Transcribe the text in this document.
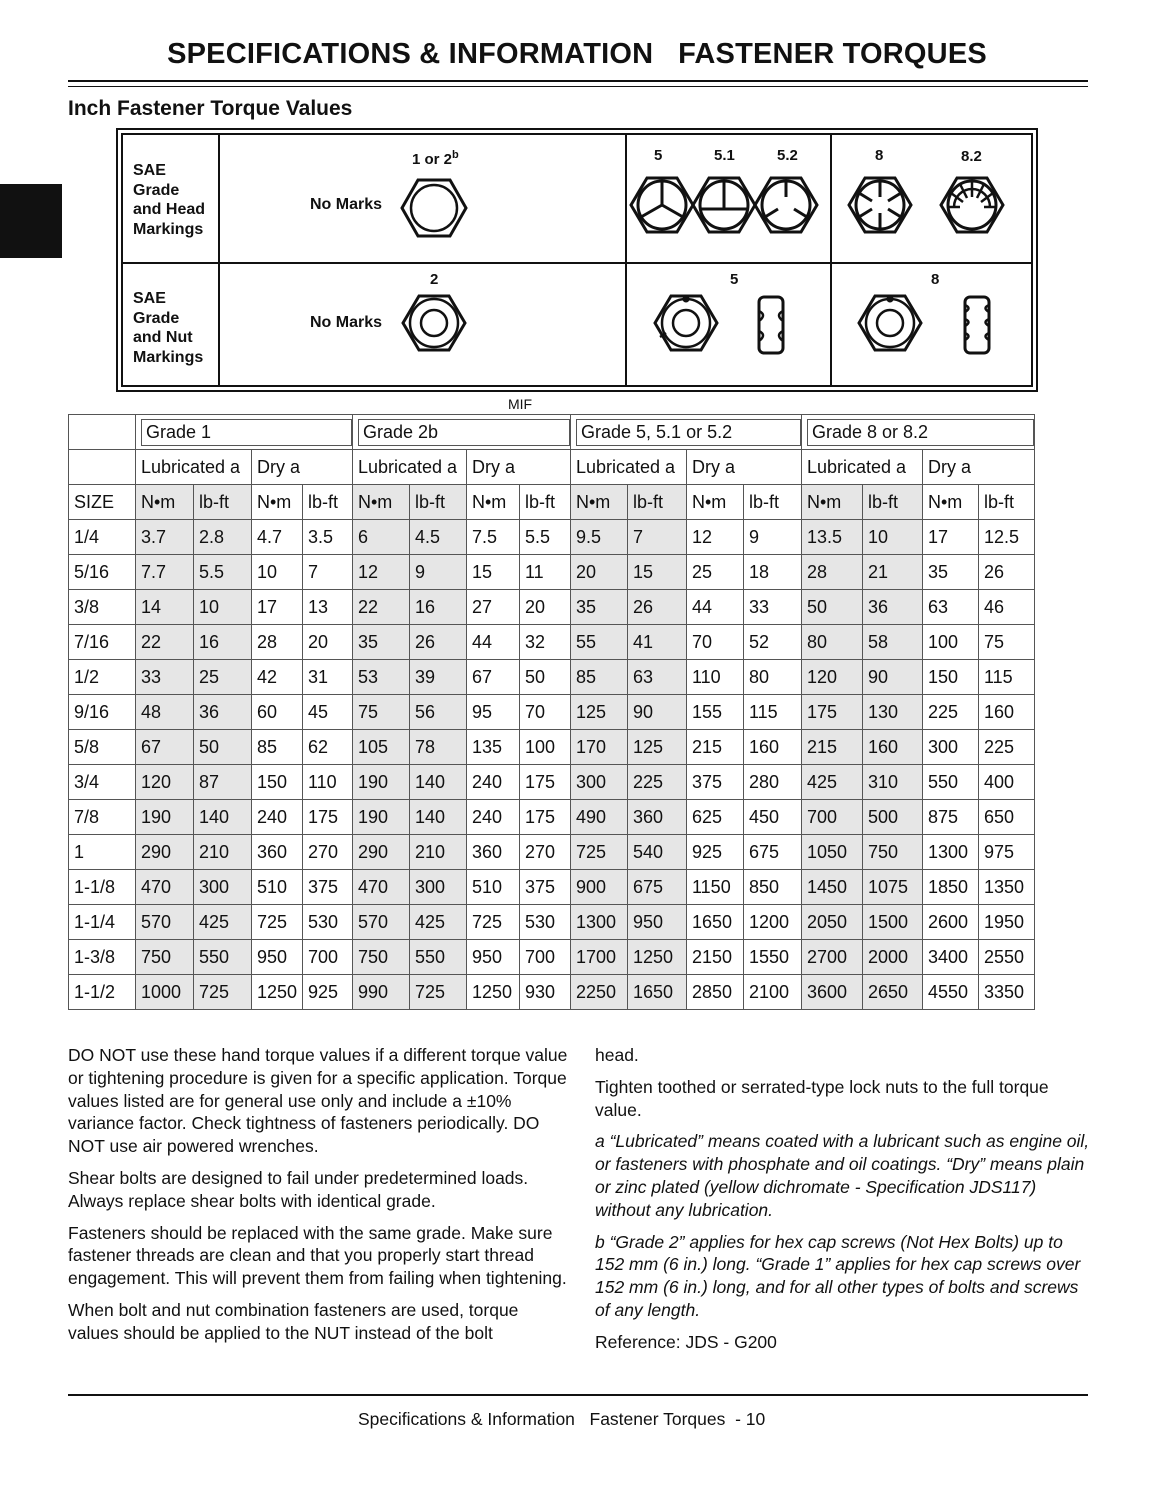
SPECIFICATIONS & INFORMATION   FASTENER TORQUES
Inch Fastener Torque Values
SAE
Grade
and Head
Markings
SAE
Grade
and Nut
Markings
No Marks
No Marks
1 or 2$^b$	5	5.1	5.2	8	8.2
2	5	8
MIF

	Grade 1				Grade 2b				Grade 5, 5.1 or 5.2				Grade 8 or 8.2			

	Lubricated a		Dry a		Lubricated a		Dry a		Lubricated a		Dry a		Lubricated a		Dry a	
SIZE	N•m	lb-ft	N•m	lb-ft	N•m	lb-ft	N•m	lb-ft	N•m	lb-ft	N•m	lb-ft	N•m	lb-ft	N•m	lb-ft
1/4	3.7	2.8	4.7	3.5	6	4.5	7.5	5.5	9.5	7	12	9	13.5	10	17	12.5
5/16	7.7	5.5	10	7	12	9	15	11	20	15	25	18	28	21	35	26
3/8	14	10	17	13	22	16	27	20	35	26	44	33	50	36	63	46
7/16	22	16	28	20	35	26	44	32	55	41	70	52	80	58	100	75
1/2	33	25	42	31	53	39	67	50	85	63	110	80	120	90	150	115
9/16	48	36	60	45	75	56	95	70	125	90	155	115	175	130	225	160
5/8	67	50	85	62	105	78	135	100	170	125	215	160	215	160	300	225
3/4	120	87	150	110	190	140	240	175	300	225	375	280	425	310	550	400
7/8	190	140	240	175	190	140	240	175	490	360	625	450	700	500	875	650
1	290	210	360	270	290	210	360	270	725	540	925	675	1050	750	1300	975
1-1/8	470	300	510	375	470	300	510	375	900	675	1150	850	1450	1075	1850	1350
1-1/4	570	425	725	530	570	425	725	530	1300	950	1650	1200	2050	1500	2600	1950
1-3/8	750	550	950	700	750	550	950	700	1700	1250	2150	1550	2700	2000	3400	2550
1-1/2	1000	725	1250	925	990	725	1250	930	2250	1650	2850	2100	3600	2650	4550	3350

DO NOT use these hand torque values if a different torque value or tightening procedure is given for a specific application. Torque values listed are for general use only and include a ±10% variance factor. Check tightness of fasteners periodically. DO NOT use air powered wrenches.

Shear bolts are designed to fail under predetermined loads. Always replace shear bolts with identical grade.

Fasteners should be replaced with the same grade. Make sure fastener threads are clean and that you properly start thread engagement. This will prevent them from failing when tightening.

When bolt and nut combination fasteners are used, torque values should be applied to the NUT instead of the bolt

head.

Tighten toothed or serrated-type lock nuts to the full torque value.

a “Lubricated” means coated with a lubricant such as engine oil, or fasteners with phosphate and oil coatings. “Dry” means plain or zinc plated (yellow dichromate - Specification JDS117) without any lubrication.

b “Grade 2” applies for hex cap screws (Not Hex Bolts) up to 152 mm (6 in.) long. “Grade 1” applies for hex cap screws over 152 mm (6 in.) long, and for all other types of bolts and screws of any length.

Reference: JDS - G200

Specifications & Information   Fastener Torques  - 10
